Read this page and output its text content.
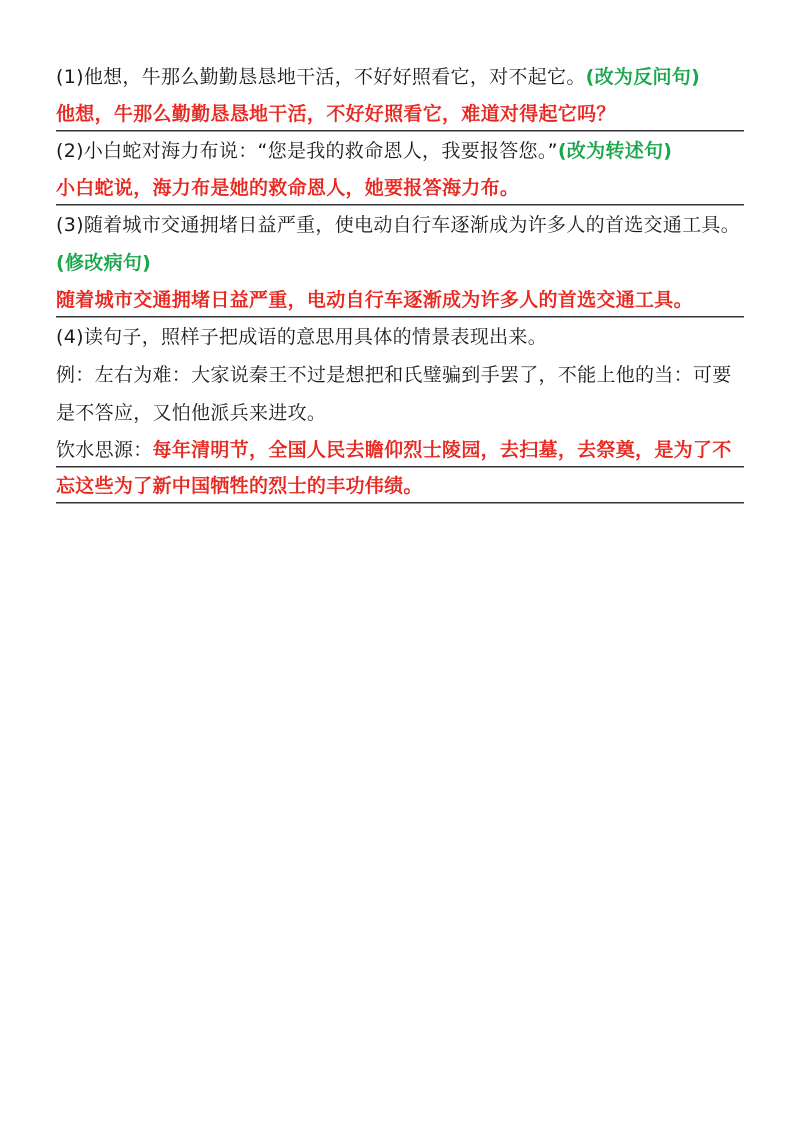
(1)他想，牛那么勤勤恳恳地干活，不好好照看它，对不起它。(改为反问句)

他想，牛那么勤勤恳恳地干活，不好好照看它，难道对得起它吗？

(2)小白蛇对海力布说：“您是我的救命恩人，我要报答您。”(改为转述句)

小白蛇说，海力布是她的救命恩人，她要报答海力布。

(3)随着城市交通拥堵日益严重，使电动自行车逐渐成为许多人的首选交通工具。(修改病句)

随着城市交通拥堵日益严重，电动自行车逐渐成为许多人的首选交通工具。

(4)读句子，照样子把成语的意思用具体的情景表现出来。

例：左右为难：大家说秦王不过是想把和氏璧骗到手罢了，不能上他的当：可要是不答应，又怕他派兵来进攻。

饮水思源：每年清明节，全国人民去瞻仰烈士陵园，去扫墓，去祭奠，是为了不忘这些为了新中国牺牲的烈士的丰功伟绩。
